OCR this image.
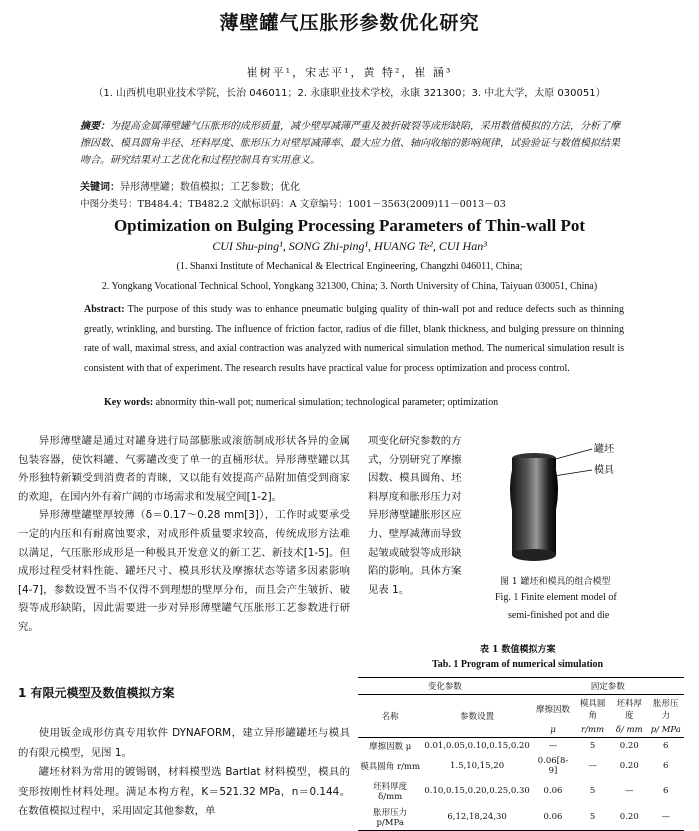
薄壁罐气压胀形参数优化研究
崔树平¹，宋志平¹，黄 特²，崔 涵³
（1. 山西机电职业技术学院，长治 046011；2. 永康职业技术学校，永康 321300；3. 中北大学，太原 030051）
摘要：为提高金属薄壁罐气压胀形的成形质量，减少壁厚减薄严重及被折破裂等成形缺陷，采用数值模拟的方法，分析了摩擦因数、模具圆角半径、坯料厚度、胀形压力对壁厚减薄率、最大应力值、轴向收缩的影响规律，试验验证与数值模拟结果吻合。研究结果对工艺优化和过程控制具有实用意义。
关键词：异形薄壁罐；数值模拟；工艺参数；优化
中图分类号：TB484.4；TB482.2 文献标识码：A 文章编号：1001－3563(2009)11－0013－03
Optimization on Bulging Processing Parameters of Thin-wall Pot
CUI Shu-ping¹, SONG Zhi-ping¹, HUANG Te², CUI Han³
(1. Shanxi Institute of Mechanical & Electrical Engineering, Changzhi 046011, China;
2. Yongkang Vocational Technical School, Yongkang 321300, China; 3. North University of China, Taiyuan 030051, China)
Abstract: The purpose of this study was to enhance pneumatic bulging quality of thin-wall pot and reduce defects such as thinning greatly, wrinkling, and bursting. The influence of friction factor, radius of die fillet, blank thickness, and bulging pressure on thinning rate of wall, maximal stress, and axial contraction was analyzed with numerical simulation method. The numerical simulation result is consistent with that of experiment. The research results have practical value for process optimization and process control.
Key words: abnormity thin-wall pot; numerical simulation; technological parameter; optimization

异形薄壁罐是通过对罐身进行局部膨胀或滚筋制成形状各异的金属包装容器，使饮料罐、气雾罐改变了单一的直桶形状。异形薄壁罐以其外形独特新颖受到消费者的青睐，又以能有效提高产品附加值受到商家的欢迎，在国内外有着广阔的市场需求和发展空间[1-2]。

异形薄壁罐壁厚较薄（δ＝0.17～0.28 mm[3]），工作时或要承受一定的内压和有耐腐蚀要求，对成形件质量要求较高，传统成形方法难以满足，气压胀形成形是一种极具开发意义的新工艺、新技术[1-5]。但成形过程受材料性能、罐坯尺寸、模具形状及摩擦状态等诸多因素影响[4-7]，参数设置不当不仅得不到理想的壁厚分布，而且会产生皱折、破裂等成形缺陷，因此需要进一步对异形薄壁罐气压胀形工艺参数进行研究。

1 有限元模型及数值模拟方案

使用钣金成形仿真专用软件 DYNAFORM，建立异形罐罐坯与模具的有限元模型，见图 1。

罐坯材料为常用的镀锡钢，材料模型选 Bartlat 材料模型，模具的变形按刚性材料处理。满足本构方程，K＝521.32 MPa，n＝0.144。在数值模拟过程中，采用固定其他参数，单

项变化研究参数的方式，分别研究了摩擦因数、模具圆角、坯料厚度和胀形压力对异形薄壁罐胀形区应力、壁厚减薄而导致起皱或破裂等成形缺陷的影响。具体方案见表 1。
罐坯
模具
图 1 罐坯和模具的组合模型
Fig. 1 Finite element model of
semi-finished pot and die
表 1 数值模拟方案
Tab. 1 Program of numerical simulation
变化参数		固定参数			
名称	参数设置	摩擦因数	模具圆角	坯料厚度	胀形压力
		μ	r/mm	δ/ mm	p/ MPa
摩擦因数 μ	0.01,0.05,0.10,0.15,0.20	—	5	0.20	6
模具圆角 r/mm	1.5,10,15,20	0.06[8-9]	—	0.20	6
坯料厚度 δ/mm	0.10,0.15,0.20,0.25,0.30	0.06	5	—	6
胀形压力 p/MPa	6,12,18,24,30	0.06	5	0.20	—
